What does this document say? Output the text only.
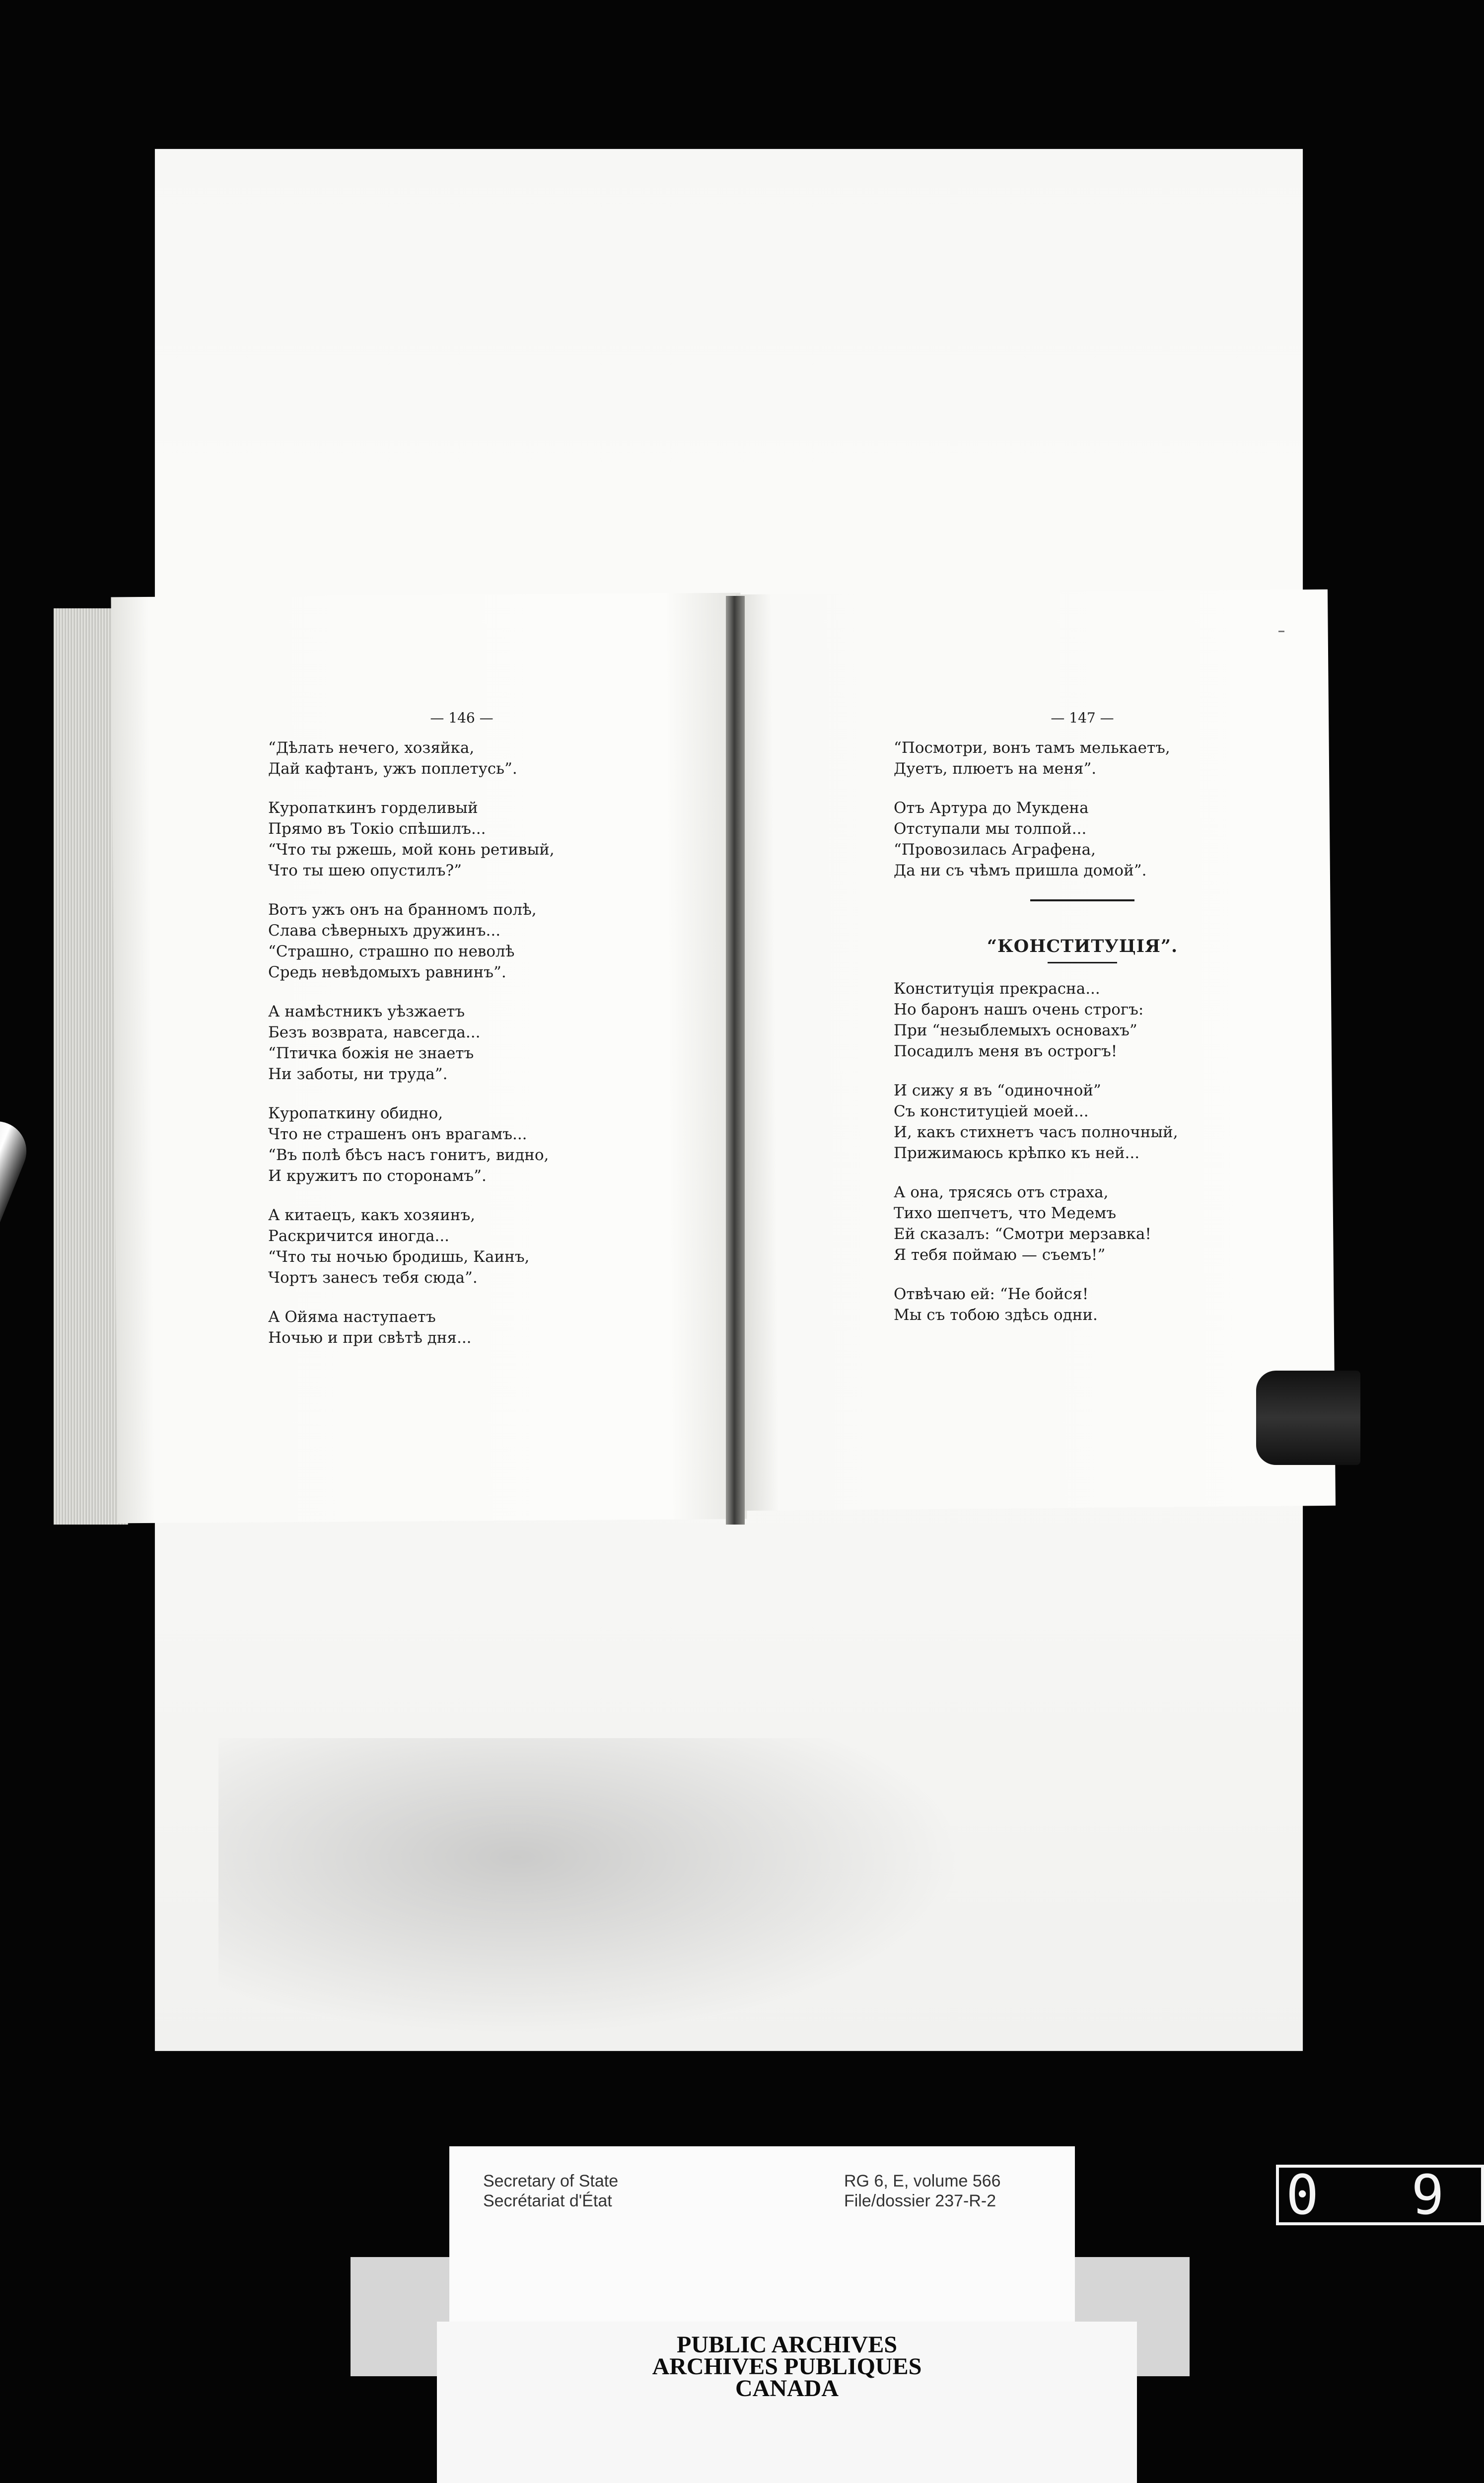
— 146 —
“Дѣлать нечего, хозяйка,
Дай кафтанъ, ужъ поплетусь”.
Куропаткинъ горделивый
Прямо въ Токіо спѣшилъ...
“Что ты ржешь, мой конь ретивый,
Что ты шею опустилъ?”
Вотъ ужъ онъ на бранномъ полѣ,
Слава сѣверныхъ дружинъ...
“Страшно, страшно по неволѣ
Средь невѣдомыхъ равнинъ”.
А намѣстникъ уѣзжаетъ
Безъ возврата, навсегда...
“Птичка божія не знаетъ
Ни заботы, ни труда”.
Куропаткину обидно,
Что не страшенъ онъ врагамъ...
“Въ полѣ бѣсъ насъ гонитъ, видно,
И кружитъ по сторонамъ”.
А китаецъ, какъ хозяинъ,
Раскричится иногда...
“Что ты ночью бродишь, Каинъ,
Чортъ занесъ тебя сюда”.
А Ойяма наступаетъ
Ночью и при свѣтѣ дня...
— 147 —
“Посмотри, вонъ тамъ мелькаетъ,
Дуетъ, плюетъ на меня”.
Отъ Артура до Мукдена
Отступали мы толпой...
“Провозилась Аграфена,
Да ни съ чѣмъ пришла домой”.
“КОНСТИТУЦІЯ”.
Конституція прекрасна...
Но баронъ нашъ очень строгъ:
При “незыблемыхъ основахъ”
Посадилъ меня въ острогъ!
И сижу я въ “одиночной”
Съ конституціей моей...
И, какъ стихнетъ часъ полночный,
Прижимаюсь крѣпко къ ней...
А она, трясясь отъ страха,
Тихо шепчетъ, что Медемъ
Ей сказалъ: “Смотри мерзавка!
Я тебя поймаю — съемъ!”
Отвѣчаю ей: “Не бойся!
Мы съ тобою здѣсь одни.
Secretary of State
Secrétariat d'État
RG 6, E, volume 566
File/dossier 237-R-2
PUBLIC ARCHIVES
ARCHIVES PUBLIQUES
CANADA
0 9
